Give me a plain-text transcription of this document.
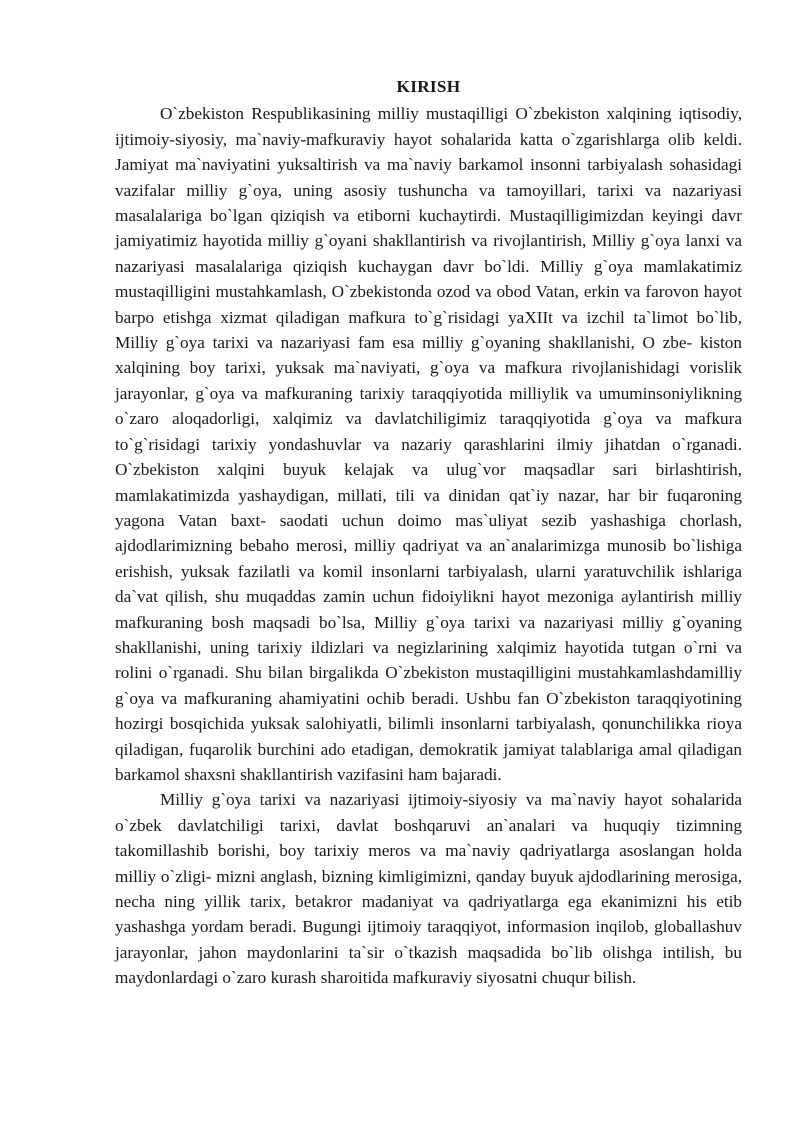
KIRISH

O`zbekiston Respublikasining milliy mustaqilligi O`zbekiston xalqining iqtisodiy, ijtimoiy-siyosiy, ma`naviy-mafkuraviy hayot sohalarida katta o`zgarishlarga olib keldi. Jamiyat ma`naviyatini yuksaltirish va ma`naviy barkamol insonni tarbiyalash sohasidagi vazifalar milliy g`oya, uning asosiy tushuncha va tamoyillari, tarixi va nazariyasi masalalariga bo`lgan qiziqish va etiborni kuchaytirdi. Mustaqilligimizdan keyingi davr jamiyatimiz hayotida milliy g`oyani shakllantirish va rivojlantirish, Milliy g`oya lanxi va nazariyasi masalalariga qiziqish kuchaygan davr bo`ldi. Milliy g`oya mamlakatimiz mustaqilligini mustahkamlash, O`zbekistonda ozod va obod Vatan, erkin va farovon hayot barpo etishga xizmat qiladigan mafkura to`g`risidagi yaXIIt va izchil ta`limot bo`lib, Milliy g`oya tarixi va nazariyasi fam esa milliy g`oyaning shakllanishi, O zbe- kiston xalqining boy tarixi, yuksak ma`naviyati, g`oya va mafkura rivojlanishidagi vorislik jarayonlar, g`oya va mafkuraning tarixiy taraqqiyotida milliylik va umuminsoniylikning o`zaro aloqadorligi, xalqimiz va davlatchiligimiz taraqqiyotida g`oya va mafkura to`g`risidagi tarixiy yondashuvlar va nazariy qarashlarini ilmiy jihatdan o`rganadi. O`zbekiston xalqini buyuk kelajak va ulug`vor maqsadlar sari birlashtirish, mamlakatimizda yashaydigan, millati, tili va dinidan qat`iy nazar, har bir fuqaroning yagona Vatan baxt- saodati uchun doimo mas`uliyat sezib yashashiga chorlash, ajdodlarimizning bebaho merosi, milliy qadriyat va an`analarimizga munosib bo`lishiga erishish, yuksak fazilatli va komil insonlarni tarbiyalash, ularni yaratuvchilik ishlariga da`vat qilish, shu muqaddas zamin uchun fidoiylikni hayot mezoniga aylantirish milliy mafkuraning bosh maqsadi bo`lsa, Milliy g`oya tarixi va nazariyasi milliy g`oyaning shakllanishi, uning tarixiy ildizlari va negizlarining xalqimiz hayotida tutgan o`rni va rolini o`rganadi. Shu bilan birgalikda O`zbekiston mustaqilligini mustahkamlashdamilliy g`oya va mafkuraning ahamiyatini ochib beradi. Ushbu fan O`zbekiston taraqqiyotining hozirgi bosqichida yuksak salohiyatli, bilimli insonlarni tarbiyalash, qonunchilikka rioya qiladigan, fuqarolik burchini ado etadigan, demokratik jamiyat talablariga amal qiladigan barkamol shaxsni shakllantirish vazifasini ham bajaradi.

Milliy g`oya tarixi va nazariyasi ijtimoiy-siyosiy va ma`naviy hayot sohalarida o`zbek davlatchiligi tarixi, davlat boshqaruvi an`analari va huquqiy tizimning takomillashib borishi, boy tarixiy meros va ma`naviy qadriyatlarga asoslangan holda milliy o`zligi- mizni anglash, bizning kimligimizni, qanday buyuk ajdodlarining merosiga, necha ning yillik tarix, betakror madaniyat va qadriyatlarga ega ekanimizni his etib yashashga yordam beradi. Bugungi ijtimoiy taraqqiyot, informasion inqilob, globallashuv jarayonlar, jahon maydonlarini ta`sir o`tkazish maqsadida bo`lib olishga intilish, bu maydonlardagi o`zaro kurash sharoitida mafkuraviy siyosatni chuqur bilish.
